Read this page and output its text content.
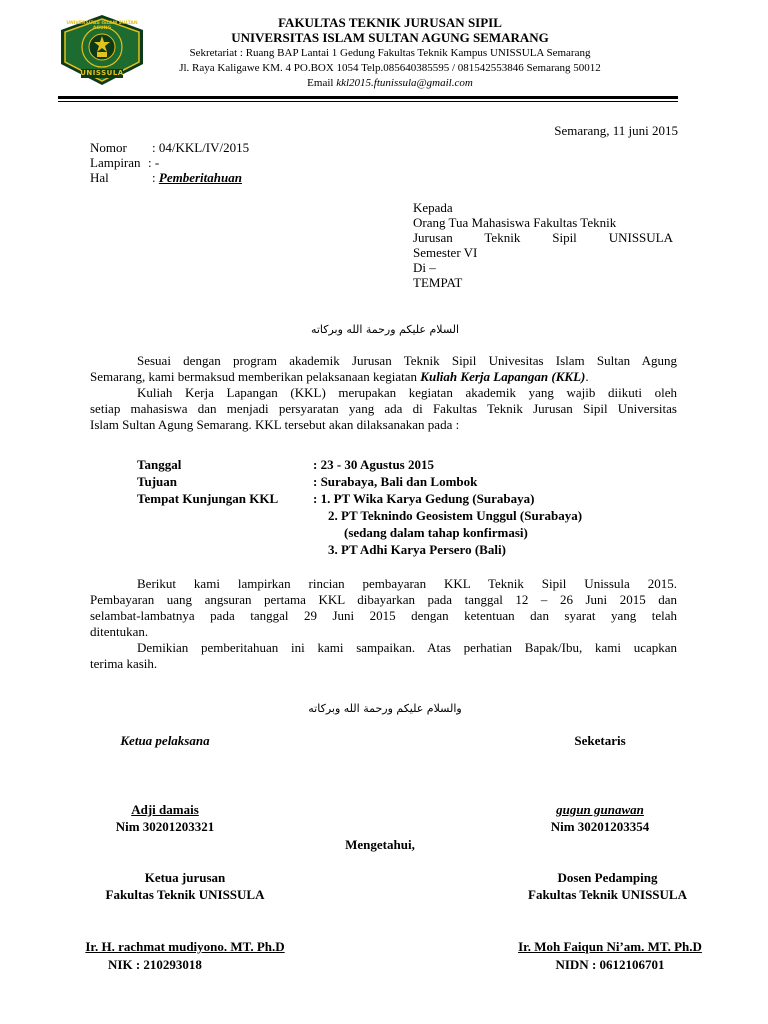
UNISSULA
UNIVERSITAS ISLAM SULTAN AGUNG	FAKULTAS TEKNIK JURUSAN SIPIL
UNIVERSITAS ISLAM SULTAN AGUNG SEMARANG
Sekretariat : Ruang BAP Lantai 1 Gedung Fakultas Teknik Kampus UNISSULA Semarang
Jl. Raya Kaligawe KM. 4 PO.BOX 1054 Telp.085640385595 / 081542553846 Semarang 50012
Email kkl2015.ftunissula@gmail.com
Semarang, 11 juni 2015
Nomor	: 04/KKL/IV/2015
Lampiran : -
Hal	: Pemberitahuan
Kepada
Orang Tua Mahasiswa Fakultas Teknik
Jurusan Teknik Sipil UNISSULA
Semester VI
Di –
TEMPAT
السلام عليكم ورحمة الله وبركاته
Sesuai dengan program akademik Jurusan Teknik Sipil Univesitas Islam Sultan Agung
Semarang, kami bermaksud memberikan pelaksanaan kegiatan Kuliah Kerja Lapangan (KKL).
Kuliah Kerja Lapangan (KKL) merupakan kegiatan akademik yang wajib diikuti oleh
setiap mahasiswa dan menjadi persyaratan yang ada di Fakultas Teknik Jurusan Sipil Universitas
Islam Sultan Agung Semarang. KKL tersebut akan dilaksanakan pada :
Tanggal	: 23 - 30 Agustus 2015
Tujuan	: Surabaya, Bali dan Lombok
Tempat Kunjungan KKL	: 1. PT Wika Karya Gedung (Surabaya)
2. PT Teknindo Geosistem Unggul (Surabaya)
(sedang dalam tahap konfirmasi)
3. PT Adhi Karya Persero (Bali)
Berikut kami lampirkan rincian pembayaran KKL Teknik Sipil Unissula 2015.
Pembayaran uang angsuran pertama KKL dibayarkan pada tanggal 12 – 26 Juni 2015 dan
selambat-lambatnya pada tanggal 29 Juni 2015 dengan ketentuan dan syarat yang telah
ditentukan.
Demikian pemberitahuan ini kami sampaikan. Atas perhatian Bapak/Ibu, kami ucapkan
terima kasih.
والسلام عليكم ورحمة الله وبركاته
Ketua pelaksana	Seketaris
Adji damais
Nim 30201203321
gugun gunawan
Nim 30201203354
Mengetahui,
Ketua jurusan
Fakultas Teknik UNISSULA
Dosen Pedamping
Fakultas Teknik UNISSULA
Ir. H. rachmat mudiyono. MT. Ph.D
NIK : 210293018
Ir. Moh Faiqun Ni’am. MT. Ph.D
NIDN : 0612106701
